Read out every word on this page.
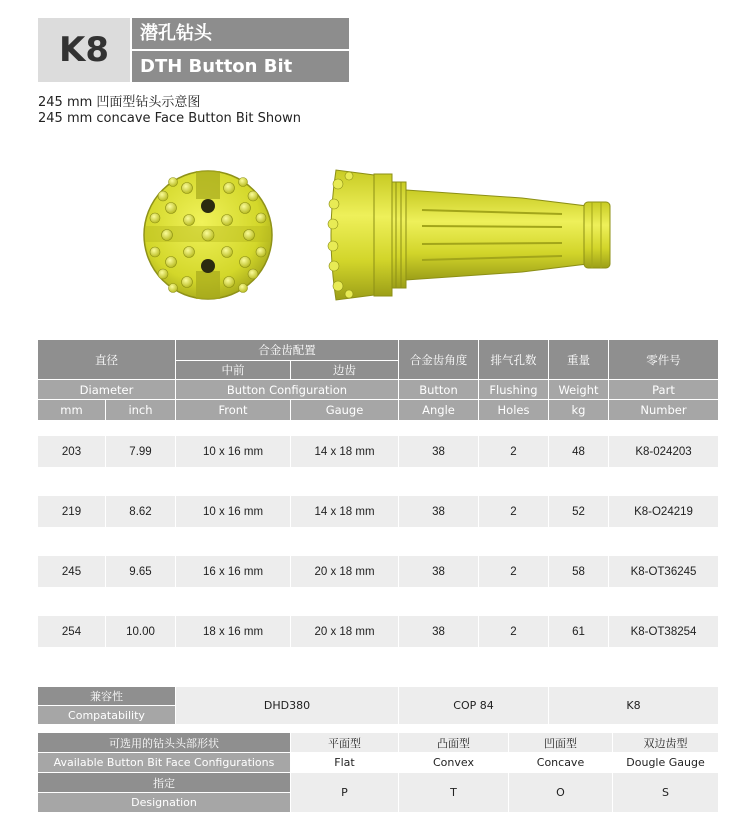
K8	潜孔钻头
DTH Button Bit
245 mm 凹面型钻头示意图
245 mm concave Face Button Bit Shown
直径		合金齿配置		合金齿角度	排气孔数	重量	零件号
		中前	边齿				
Diameter		Button Configuration		Button	Flushing	Weight	Part
mm	inch	Front	Gauge	Angle	Holes	kg	Number

203	7.99	10 x 16 mm	14 x 18 mm	38	2	48	K8-024203

219	8.62	10 x 16 mm	14 x 18 mm	38	2	52	K8-O24219

245	9.65	16 x 16 mm	20 x 18 mm	38	2	58	K8-OT36245

254	10.00	18 x 16 mm	20 x 18 mm	38	2	61	K8-OT38254
兼容性	DHD380	COP 84	K8
Compatability
可选用的钻头头部形状	平面型	凸面型	凹面型	双边齿型
Available Button Bit Face Configurations	Flat	Convex	Concave	Dougle Gauge
指定	P	T	O	S
Designation				
